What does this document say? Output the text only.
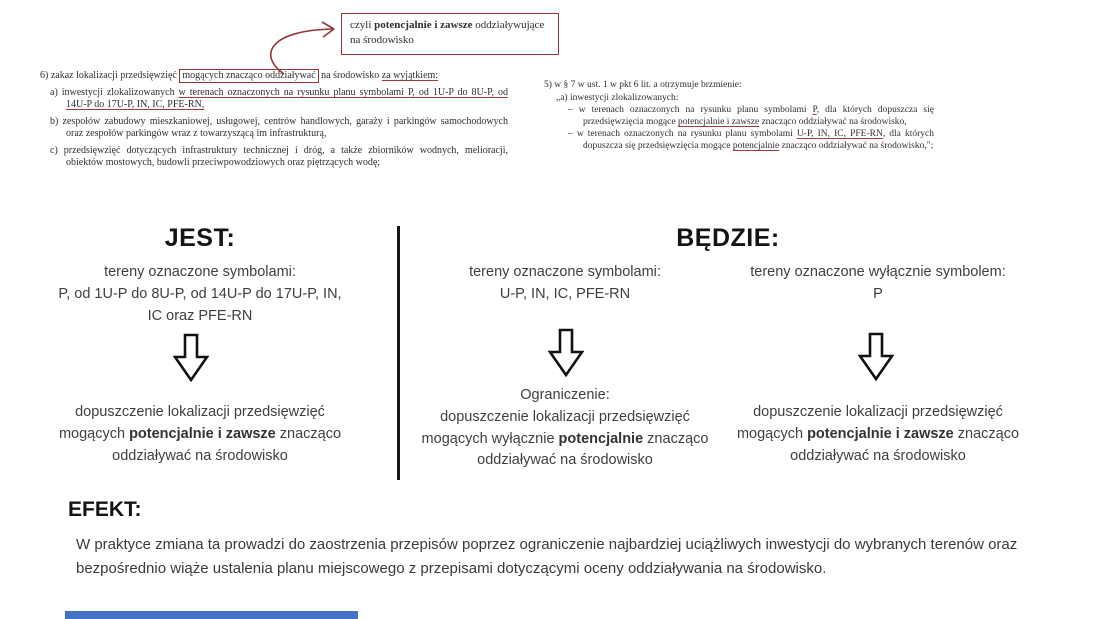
czyli potencjalnie i zawsze oddziaływujące na środowisko

6) zakaz lokalizacji przedsięwzięć mogących znacząco oddziaływać na środowisko za wyjątkiem:

a) inwestycji zlokalizowanych w terenach oznaczonych na rysunku planu symbolami P, od 1U-P do 8U-P, od 14U-P do 17U-P, IN, IC, PFE-RN,

b) zespołów zabudowy mieszkaniowej, usługowej, centrów handlowych, garaży i parkingów samochodowych oraz zespołów parkingów wraz z towarzyszącą im infrastrukturą,

c) przedsięwzięć dotyczących infrastruktury technicznej i dróg, a także zbiorników wodnych, melioracji, obiektów mostowych, budowli przeciwpowodziowych oraz piętrzących wodę;

5) w § 7 w ust. 1 w pkt 6 lit. a otrzymuje brzmienie:

„a) inwestycji zlokalizowanych:

– w terenach oznaczonych na rysunku planu symbolami P, dla których dopuszcza się przedsięwzięcia mogące potencjalnie i zawsze znacząco oddziaływać na środowisko,

– w terenach oznaczonych na rysunku planu symbolami U-P, IN, IC, PFE-RN, dla których dopuszcza się przedsięwzięcia mogące potencjalnie znacząco oddziaływać na środowisko,";

JEST:
tereny oznaczone symbolami:
P, od 1U-P do 8U-P, od 14U-P do 17U-P, IN,
IC oraz PFE-RN
dopuszczenie lokalizacji przedsięwzięć
mogących potencjalnie i zawsze znacząco
oddziaływać na środowisko
BĘDZIE:
tereny oznaczone symbolami:
U-P, IN, IC, PFE-RN
Ograniczenie:
dopuszczenie lokalizacji przedsięwzięć
mogących wyłącznie potencjalnie znacząco
oddziaływać na środowisko
tereny oznaczone wyłącznie symbolem:
P
dopuszczenie lokalizacji przedsięwzięć
mogących potencjalnie i zawsze znacząco
oddziaływać na środowisko
EFEKT:
W praktyce zmiana ta prowadzi do zaostrzenia przepisów poprzez ograniczenie najbardziej uciążliwych inwestycji do wybranych terenów oraz bezpośrednio wiąże ustalenia planu miejscowego z przepisami dotyczącymi oceny oddziaływania na środowisko.
